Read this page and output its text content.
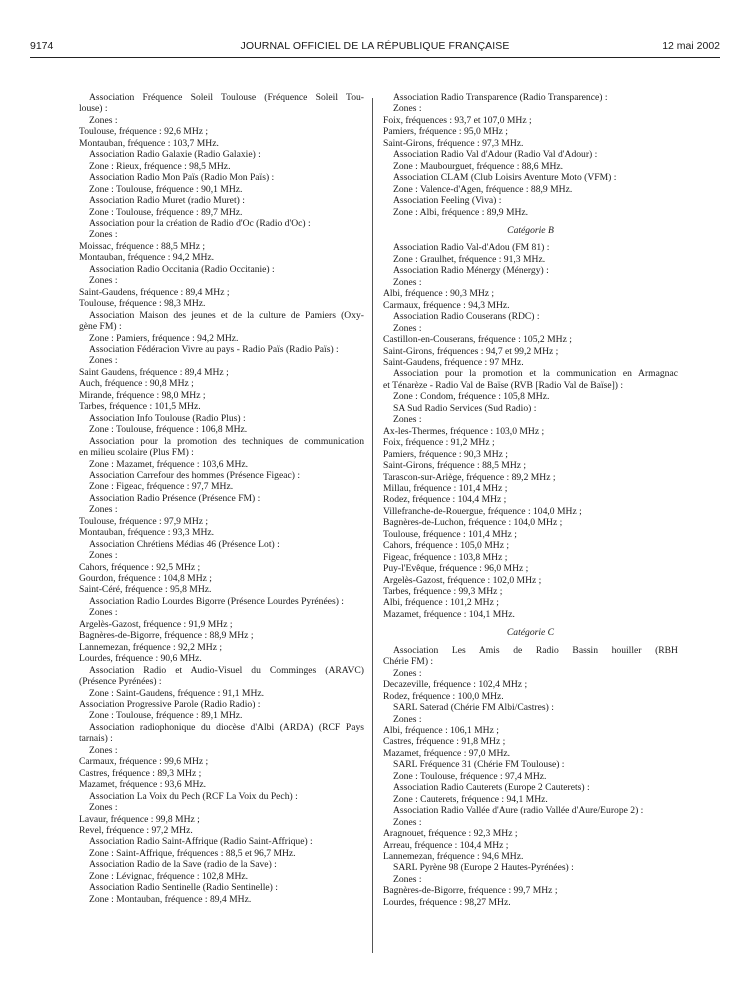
9174	JOURNAL OFFICIEL DE LA RÉPUBLIQUE FRANÇAISE	12 mai 2002
Association Fréquence Soleil Toulouse (Fréquence Soleil Tou-
louse) :
Zones :
Toulouse, fréquence : 92,6 MHz ;
Montauban, fréquence : 103,7 MHz.
Association Radio Galaxie (Radio Galaxie) :
Zone : Rieux, fréquence : 98,5 MHz.
Association Radio Mon Païs (Radio Mon Païs) :
Zone : Toulouse, fréquence : 90,1 MHz.
Association Radio Muret (radio Muret) :
Zone : Toulouse, fréquence : 89,7 MHz.
Association pour la création de Radio d'Oc (Radio d'Oc) :
Zones :
Moissac, fréquence : 88,5 MHz ;
Montauban, fréquence : 94,2 MHz.
Association Radio Occitania (Radio Occitanie) :
Zones :
Saint-Gaudens, fréquence : 89,4 MHz ;
Toulouse, fréquence : 98,3 MHz.
Association Maison des jeunes et de la culture de Pamiers (Oxy-
gène FM) :
Zone : Pamiers, fréquence : 94,2 MHz.
Association Fédéracion Vivre au pays - Radio Païs (Radio Païs) :
Zones :
Saint Gaudens, fréquence : 89,4 MHz ;
Auch, fréquence : 90,8 MHz ;
Mirande, fréquence : 98,0 MHz ;
Tarbes, fréquence : 101,5 MHz.
Association Info Toulouse (Radio Plus) :
Zone : Toulouse, fréquence : 106,8 MHz.
Association pour la promotion des techniques de communication
en milieu scolaire (Plus FM) :
Zone : Mazamet, fréquence : 103,6 MHz.
Association Carrefour des hommes (Présence Figeac) :
Zone : Figeac, fréquence : 97,7 MHz.
Association Radio Présence (Présence FM) :
Zones :
Toulouse, fréquence : 97,9 MHz ;
Montauban, fréquence : 93,3 MHz.
Association Chrétiens Médias 46 (Présence Lot) :
Zones :
Cahors, fréquence : 92,5 MHz ;
Gourdon, fréquence : 104,8 MHz ;
Saint-Céré, fréquence : 95,8 MHz.
Association Radio Lourdes Bigorre (Présence Lourdes Pyrénées) :
Zones :
Argelès-Gazost, fréquence : 91,9 MHz ;
Bagnères-de-Bigorre, fréquence : 88,9 MHz ;
Lannemezan, fréquence : 92,2 MHz ;
Lourdes, fréquence : 90,6 MHz.
Association Radio et Audio-Visuel du Comminges (ARAVC)
(Présence Pyrénées) :
Zone : Saint-Gaudens, fréquence : 91,1 MHz.
Association Progressive Parole (Radio Radio) :
Zone : Toulouse, fréquence : 89,1 MHz.
Association radiophonique du diocèse d'Albi (ARDA) (RCF Pays
tarnais) :
Zones :
Carmaux, fréquence : 99,6 MHz ;
Castres, fréquence : 89,3 MHz ;
Mazamet, fréquence : 93,6 MHz.
Association La Voix du Pech (RCF La Voix du Pech) :
Zones :
Lavaur, fréquence : 99,8 MHz ;
Revel, fréquence : 97,2 MHz.
Association Radio Saint-Affrique (Radio Saint-Affrique) :
Zone : Saint-Affrique, fréquences : 88,5 et 96,7 MHz.
Association Radio de la Save (radio de la Save) :
Zone : Lévignac, fréquence : 102,8 MHz.
Association Radio Sentinelle (Radio Sentinelle) :
Zone : Montauban, fréquence : 89,4 MHz.
Association Radio Transparence (Radio Transparence) :
Zones :
Foix, fréquences : 93,7 et 107,0 MHz ;
Pamiers, fréquence : 95,0 MHz ;
Saint-Girons, fréquence : 97,3 MHz.
Association Radio Val d'Adour (Radio Val d'Adour) :
Zone : Maubourguet, fréquence : 88,6 MHz.
Association CLAM (Club Loisirs Aventure Moto (VFM) :
Zone : Valence-d'Agen, fréquence : 88,9 MHz.
Association Feeling (Viva) :
Zone : Albi, fréquence : 89,9 MHz.
Catégorie B
Association Radio Val-d'Adou (FM 81) :
Zone : Graulhet, fréquence : 91,3 MHz.
Association Radio Ménergy (Ménergy) :
Zones :
Albi, fréquence : 90,3 MHz ;
Carmaux, fréquence : 94,3 MHz.
Association Radio Couserans (RDC) :
Zones :
Castillon-en-Couserans, fréquence : 105,2 MHz ;
Saint-Girons, fréquences : 94,7 et 99,2 MHz ;
Saint-Gaudens, fréquence : 97 MHz.
Association pour la promotion et la communication en Armagnac
et Ténarèze - Radio Val de Baïse (RVB [Radio Val de Baïse]) :
Zone : Condom, fréquence : 105,8 MHz.
SA Sud Radio Services (Sud Radio) :
Zones :
Ax-les-Thermes, fréquence : 103,0 MHz ;
Foix, fréquence : 91,2 MHz ;
Pamiers, fréquence : 90,3 MHz ;
Saint-Girons, fréquence : 88,5 MHz ;
Tarascon-sur-Ariège, fréquence : 89,2 MHz ;
Millau, fréquence : 101,4 MHz ;
Rodez, fréquence : 104,4 MHz ;
Villefranche-de-Rouergue, fréquence : 104,0 MHz ;
Bagnères-de-Luchon, fréquence : 104,0 MHz ;
Toulouse, fréquence : 101,4 MHz ;
Cahors, fréquence : 105,0 MHz ;
Figeac, fréquence : 103,8 MHz ;
Puy-l'Evêque, fréquence : 96,0 MHz ;
Argelès-Gazost, fréquence : 102,0 MHz ;
Tarbes, fréquence : 99,3 MHz ;
Albi, fréquence : 101,2 MHz ;
Mazamet, fréquence : 104,1 MHz.
Catégorie C
Association Les Amis de Radio Bassin houiller (RBH
Chérie FM) :
Zones :
Decazeville, fréquence : 102,4 MHz ;
Rodez, fréquence : 100,0 MHz.
SARL Saterad (Chérie FM Albi/Castres) :
Zones :
Albi, fréquence : 106,1 MHz ;
Castres, fréquence : 91,8 MHz ;
Mazamet, fréquence : 97,0 MHz.
SARL Fréquence 31 (Chérie FM Toulouse) :
Zone : Toulouse, fréquence : 97,4 MHz.
Association Radio Cauterets (Europe 2 Cauterets) :
Zone : Cauterets, fréquence : 94,1 MHz.
Association Radio Vallée d'Aure (radio Vallée d'Aure/Europe 2) :
Zones :
Aragnouet, fréquence : 92,3 MHz ;
Arreau, fréquence : 104,4 MHz ;
Lannemezan, fréquence : 94,6 MHz.
SARL Pyrène 98 (Europe 2 Hautes-Pyrénées) :
Zones :
Bagnères-de-Bigorre, fréquence : 99,7 MHz ;
Lourdes, fréquence : 98,27 MHz.
